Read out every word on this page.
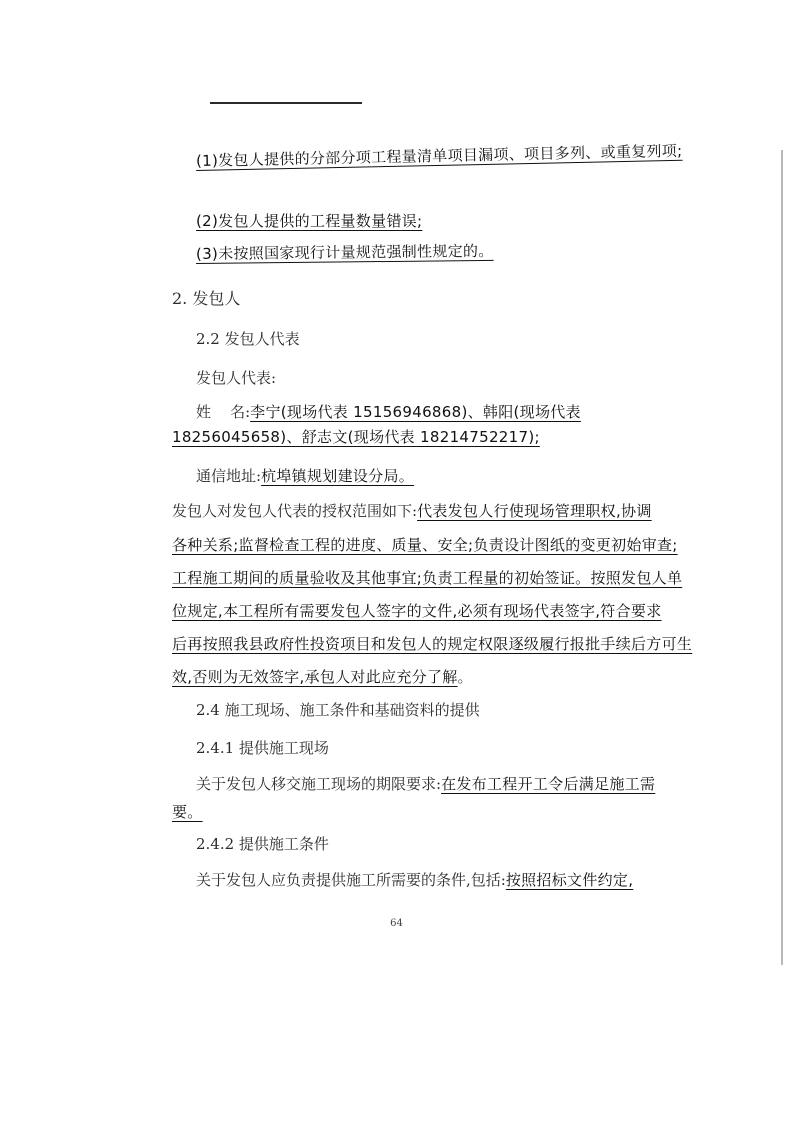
(1)发包人提供的分部分项工程量清单项目漏项、项目多列、或重复列项;
(2)发包人提供的工程量数量错误;
(3)未按照国家现行计量规范强制性规定的。
2. 发包人
2.2 发包人代表
发包人代表:
姓    名:李宁(现场代表 15156946868)、韩阳(现场代表
18256045658)、舒志文(现场代表 18214752217);
通信地址:杭埠镇规划建设分局。
发包人对发包人代表的授权范围如下:代表发包人行使现场管理职权,协调
各种关系;监督检查工程的进度、质量、安全;负责设计图纸的变更初始审查;
工程施工期间的质量验收及其他事宜;负责工程量的初始签证。按照发包人单
位规定,本工程所有需要发包人签字的文件,必须有现场代表签字,符合要求
后再按照我县政府性投资项目和发包人的规定权限逐级履行报批手续后方可生
效,否则为无效签字,承包人对此应充分了解。
2.4 施工现场、施工条件和基础资料的提供
2.4.1 提供施工现场
关于发包人移交施工现场的期限要求:在发布工程开工令后满足施工需
要。
2.4.2 提供施工条件
关于发包人应负责提供施工所需要的条件,包括:按照招标文件约定,
64
